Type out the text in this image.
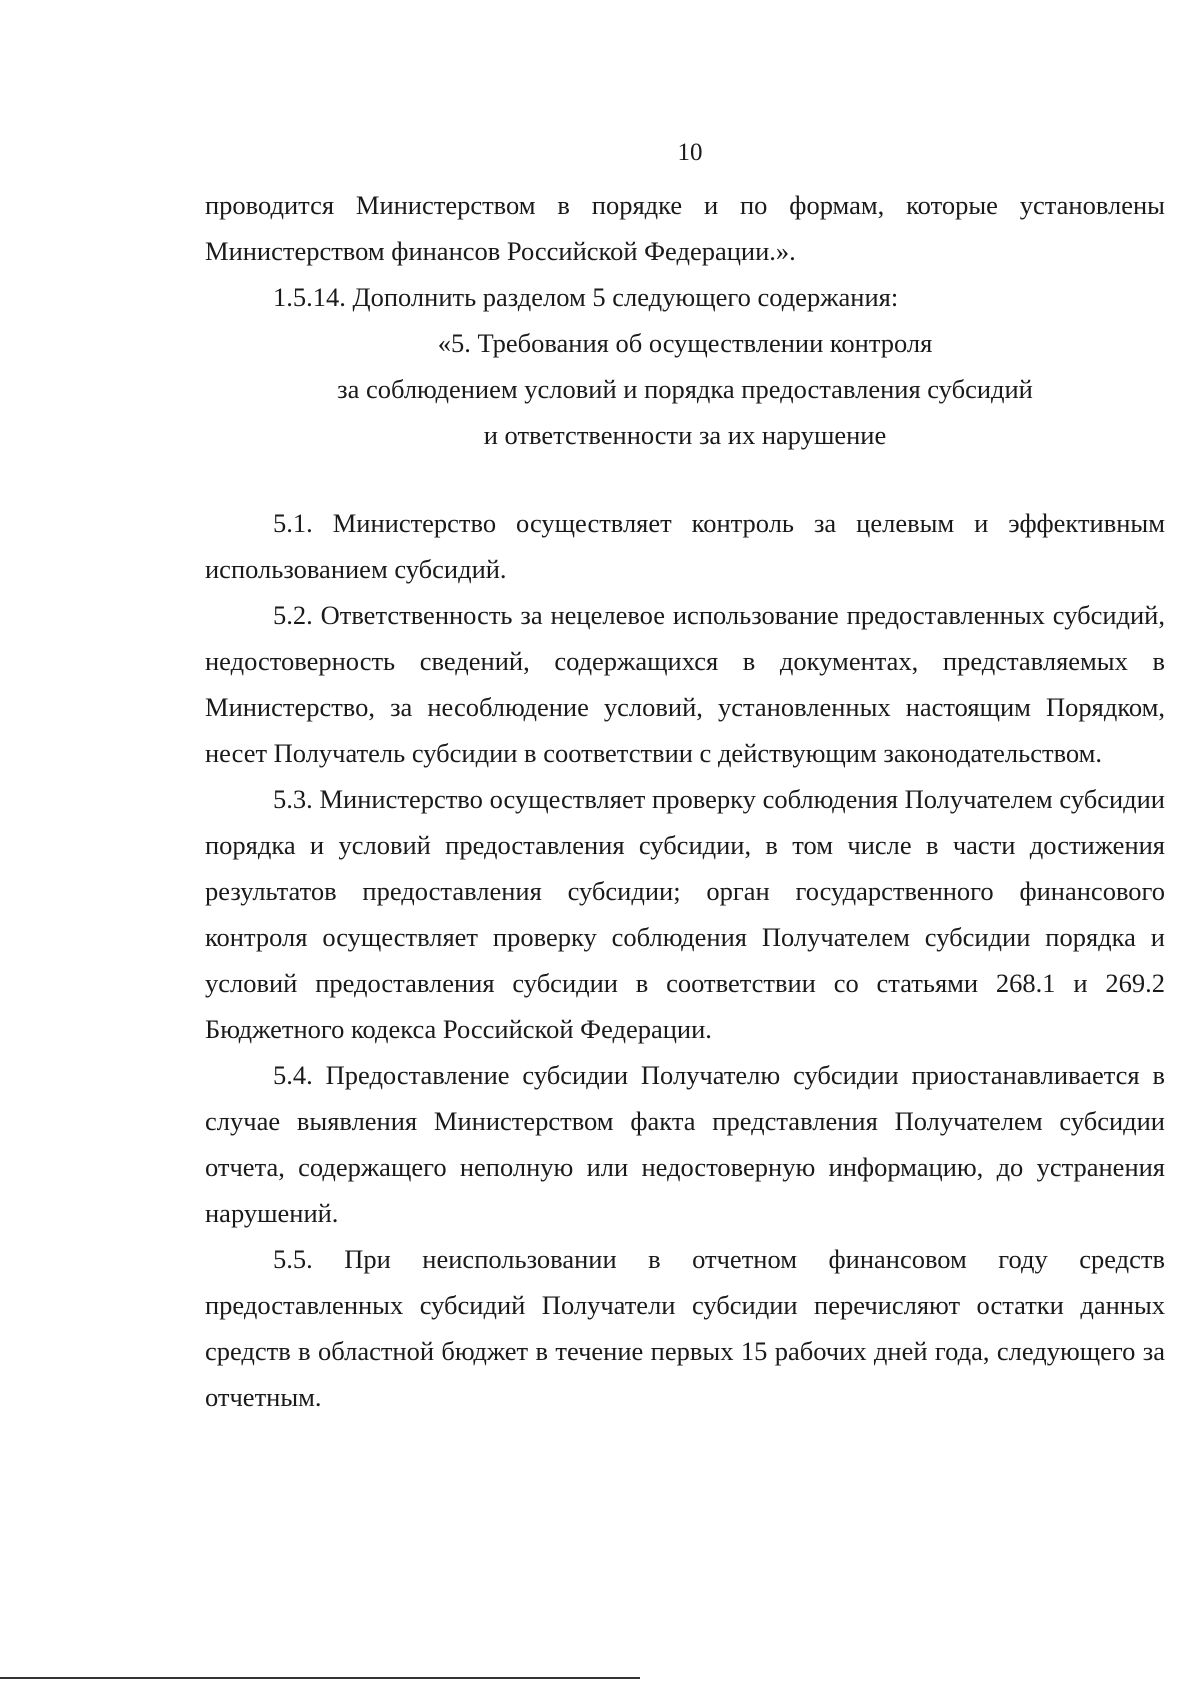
10

проводится Министерством в порядке и по формам, которые установлены Министерством финансов Российской Федерации.».

1.5.14. Дополнить разделом 5 следующего содержания:

«5. Требования об осуществлении контроля
за соблюдением условий и порядка предоставления субсидий
и ответственности за их нарушение

5.1. Министерство осуществляет контроль за целевым и эффективным использованием субсидий.

5.2. Ответственность за нецелевое использование предоставленных субсидий, недостоверность сведений, содержащихся в документах, представляемых в Министерство, за несоблюдение условий, установленных настоящим Порядком, несет Получатель субсидии в соответствии с действующим законодательством.

5.3. Министерство осуществляет проверку соблюдения Получателем субсидии порядка и условий предоставления субсидии, в том числе в части достижения результатов предоставления субсидии; орган государственного финансового контроля осуществляет проверку соблюдения Получателем субсидии порядка и условий предоставления субсидии в соответствии со статьями 268.1 и 269.2 Бюджетного кодекса Российской Федерации.

5.4. Предоставление субсидии Получателю субсидии приостанавливается в случае выявления Министерством факта представления Получателем субсидии отчета, содержащего неполную или недостоверную информацию, до устранения нарушений.

5.5. При неиспользовании в отчетном финансовом году средств предоставленных субсидий Получатели субсидии перечисляют остатки данных средств в областной бюджет в течение первых 15 рабочих дней года, следующего за отчетным.
